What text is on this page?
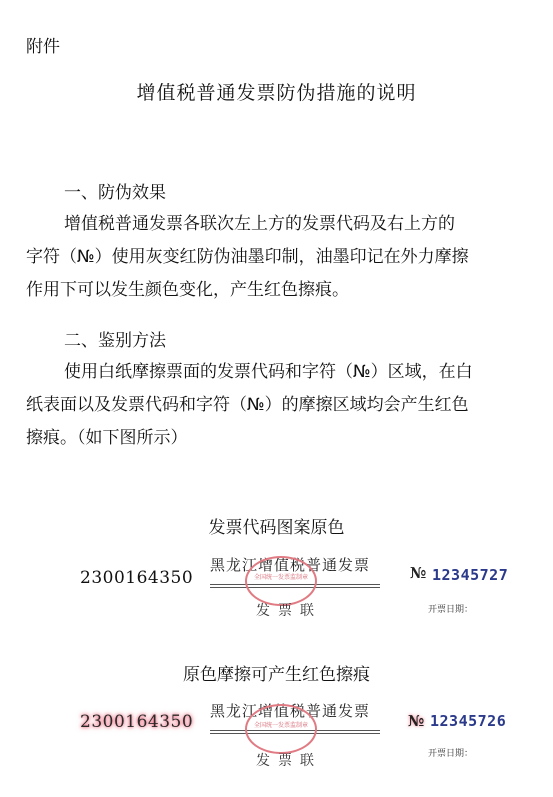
附件
增值税普通发票防伪措施的说明
一、防伪效果

增值税普通发票各联次左上方的发票代码及右上方的

字符（№）使用灰变红防伪油墨印制，油墨印记在外力摩擦

作用下可以发生颜色变化，产生红色擦痕。

二、鉴别方法

使用白纸摩擦票面的发票代码和字符（№）区域，在白

纸表面以及发票代码和字符（№）的摩擦区域均会产生红色

擦痕。（如下图所示）

发票代码图案原色
2300164350
黑龙江增值税普通发票
全国统一发票监制章
发票联
№ 12345727
开票日期：
原色摩擦可产生红色擦痕
2300164350
黑龙江增值税普通发票
全国统一发票监制章
发票联
№ 12345726
开票日期：
